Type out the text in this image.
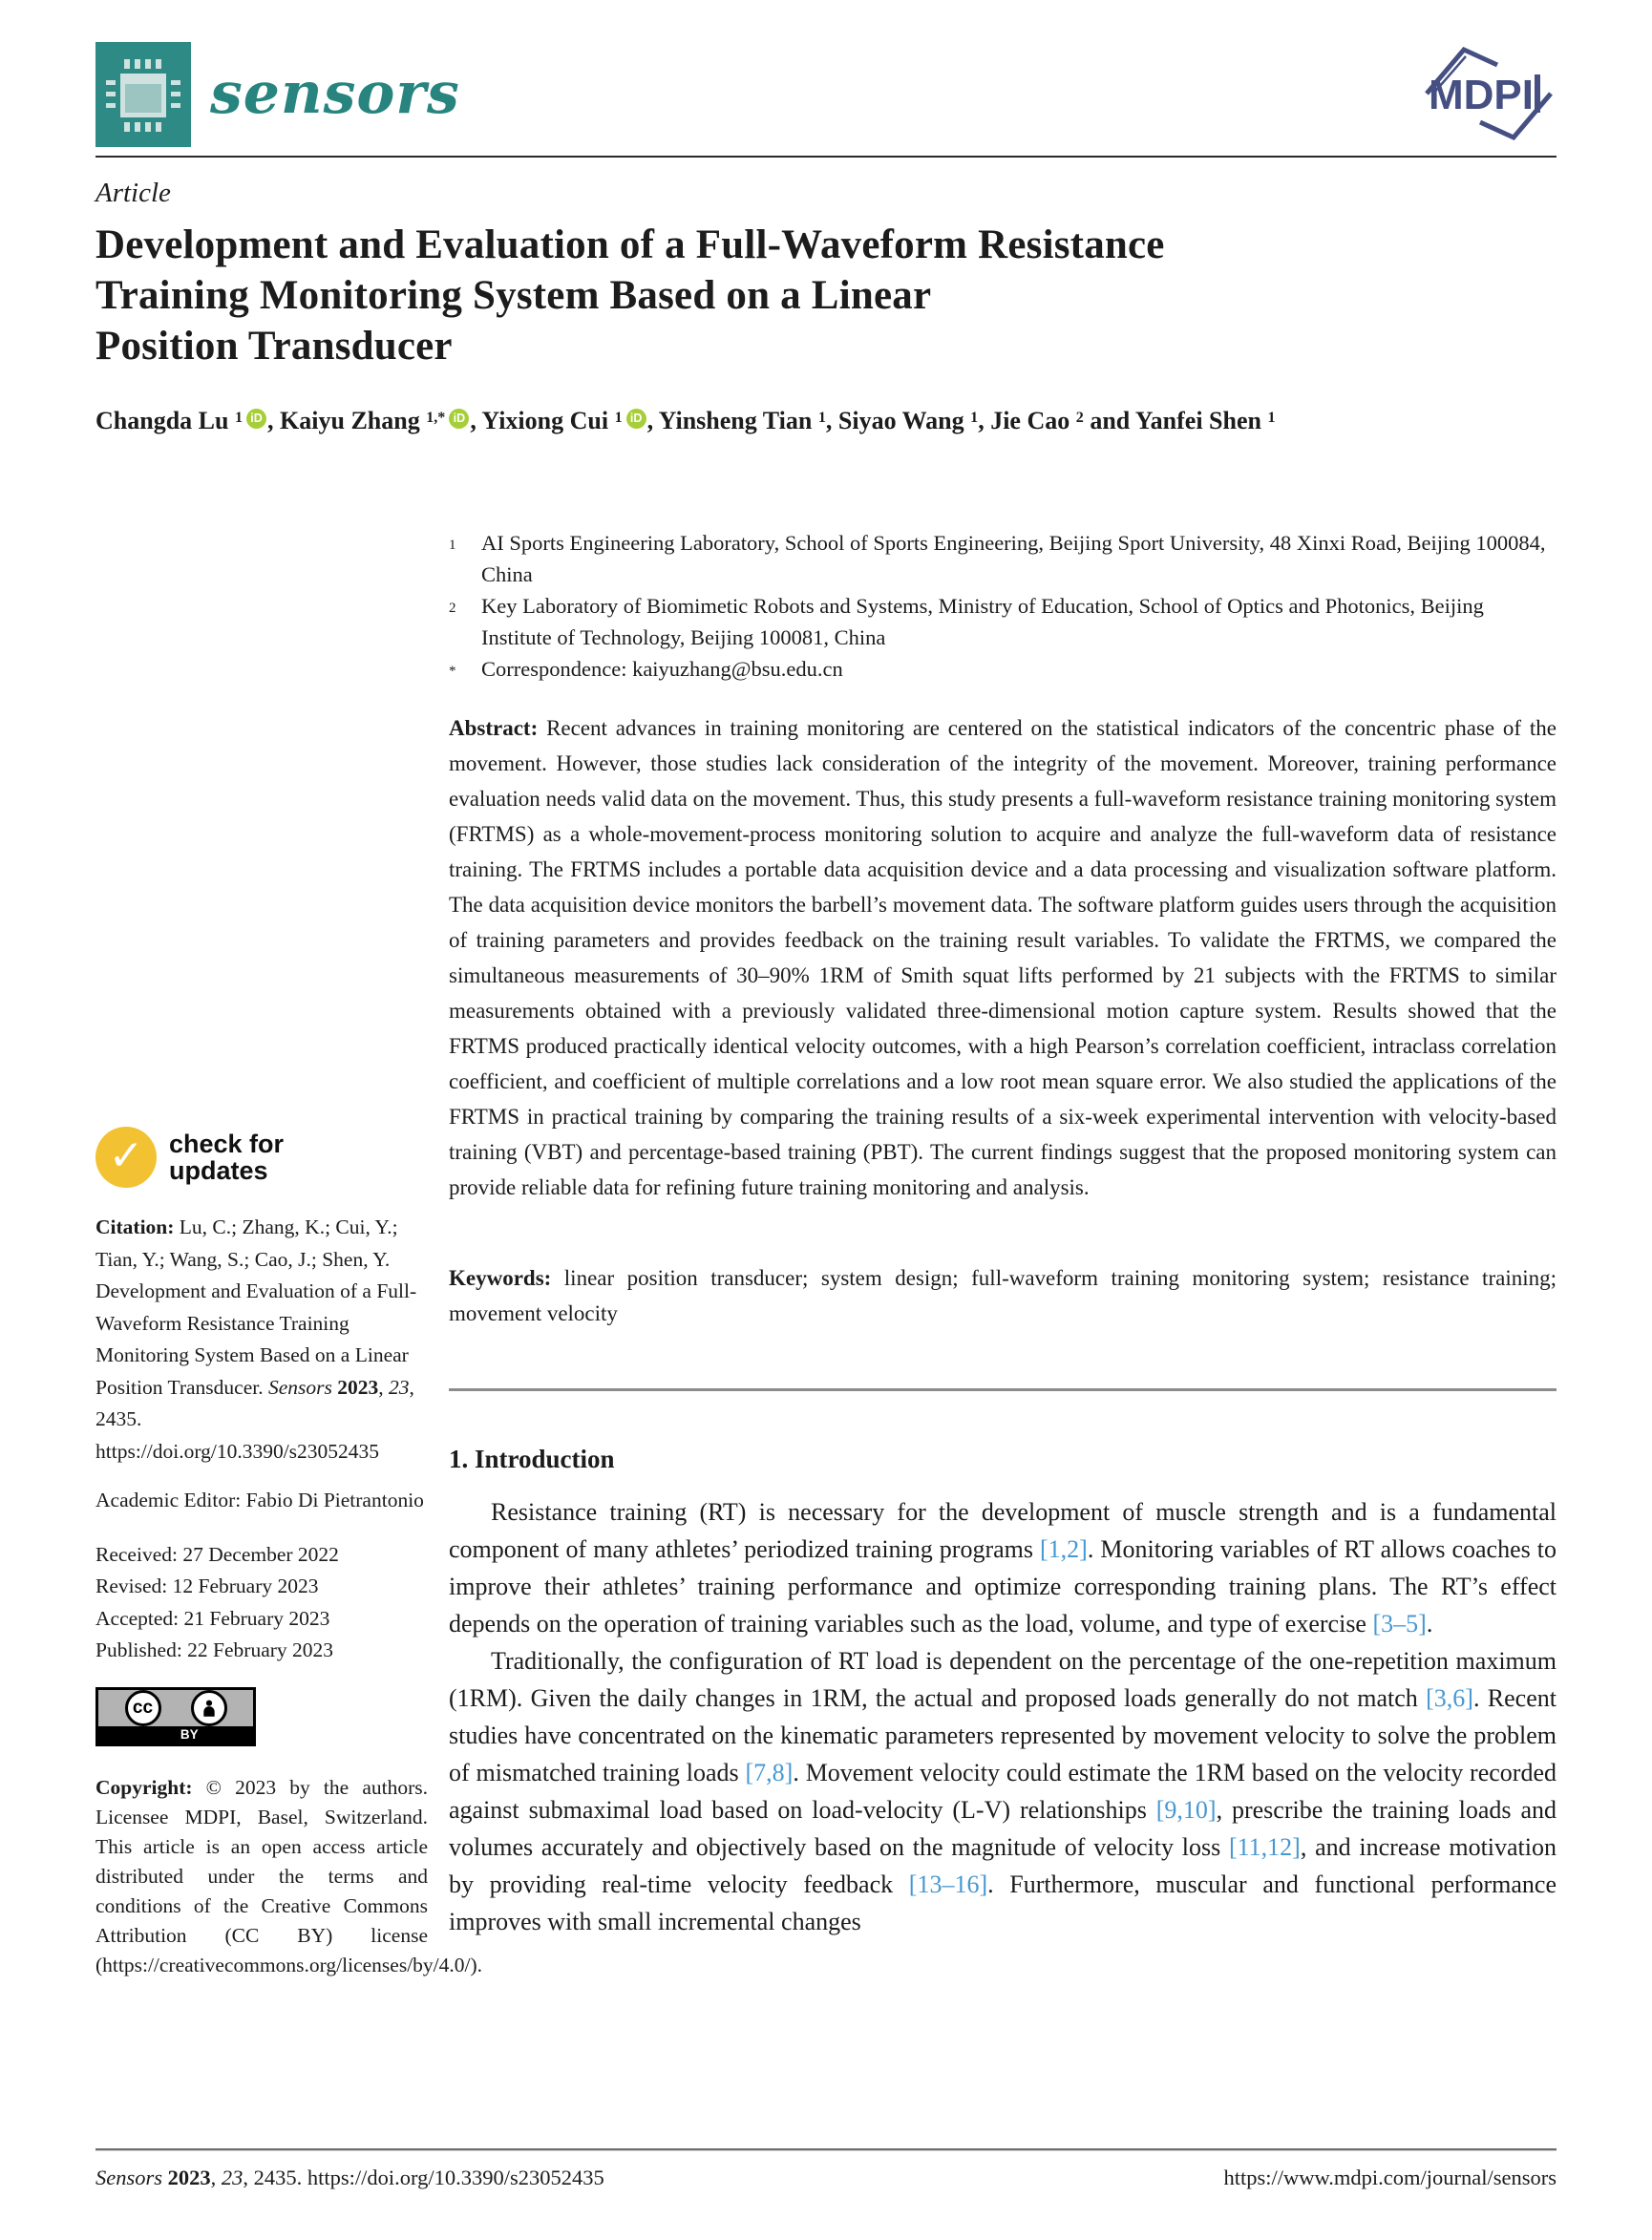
sensors	MDPI
Article
Development and Evaluation of a Full-Waveform Resistance
Training Monitoring System Based on a Linear
Position Transducer
Changda Lu $^1$ iD , Kaiyu Zhang $^{1,*}$ iD , Yixiong Cui $^1$ iD , Yinsheng Tian $^1$, Siyao Wang $^1$, Jie Cao $^2$ and Yanfei Shen $^1$
1	AI Sports Engineering Laboratory, School of Sports Engineering, Beijing Sport University, 48 Xinxi Road, Beijing 100084, China
2	Key Laboratory of Biomimetic Robots and Systems, Ministry of Education, School of Optics and Photonics, Beijing Institute of Technology, Beijing 100081, China
*	Correspondence: kaiyuzhang@bsu.edu.cn

Abstract: Recent advances in training monitoring are centered on the statistical indicators of the concentric phase of the movement. However, those studies lack consideration of the integrity of the movement. Moreover, training performance evaluation needs valid data on the movement. Thus, this study presents a full-waveform resistance training monitoring system (FRTMS) as a whole-movement-process monitoring solution to acquire and analyze the full-waveform data of resistance training. The FRTMS includes a portable data acquisition device and a data processing and visualization software platform. The data acquisition device monitors the barbell’s movement data. The software platform guides users through the acquisition of training parameters and provides feedback on the training result variables. To validate the FRTMS, we compared the simultaneous measurements of 30–90% 1RM of Smith squat lifts performed by 21 subjects with the FRTMS to similar measurements obtained with a previously validated three-dimensional motion capture system. Results showed that the FRTMS produced practically identical velocity outcomes, with a high Pearson’s correlation coefficient, intraclass correlation coefficient, and coefficient of multiple correlations and a low root mean square error. We also studied the applications of the FRTMS in practical training by comparing the training results of a six-week experimental intervention with velocity-based training (VBT) and percentage-based training (PBT). The current findings suggest that the proposed monitoring system can provide reliable data for refining future training monitoring and analysis.

Keywords: linear position transducer; system design; full-waveform training monitoring system; resistance training; movement velocity

1. Introduction

Resistance training (RT) is necessary for the development of muscle strength and is a fundamental component of many athletes’ periodized training programs [1,2]. Monitoring variables of RT allows coaches to improve their athletes’ training performance and optimize corresponding training plans. The RT’s effect depends on the operation of training variables such as the load, volume, and type of exercise [3–5].

Traditionally, the configuration of RT load is dependent on the percentage of the one-repetition maximum (1RM). Given the daily changes in 1RM, the actual and proposed loads generally do not match [3,6]. Recent studies have concentrated on the kinematic parameters represented by movement velocity to solve the problem of mismatched training loads [7,8]. Movement velocity could estimate the 1RM based on the velocity recorded against submaximal load based on load-velocity (L-V) relationships [9,10], prescribe the training loads and volumes accurately and objectively based on the magnitude of velocity loss [11,12], and increase motivation by providing real-time velocity feedback [13–16]. Furthermore, muscular and functional performance improves with small incremental changes

✓ check for
updates

Citation: Lu, C.; Zhang, K.; Cui, Y.; Tian, Y.; Wang, S.; Cao, J.; Shen, Y. Development and Evaluation of a Full-Waveform Resistance Training Monitoring System Based on a Linear Position Transducer. Sensors 2023, 23, 2435. https://doi.org/10.3390/s23052435

Academic Editor: Fabio Di Pietrantonio

Received: 27 December 2022

Revised: 12 February 2023

Accepted: 21 February 2023

Published: 22 February 2023

cc
BY

Copyright: © 2023 by the authors. Licensee MDPI, Basel, Switzerland. This article is an open access article distributed under the terms and conditions of the Creative Commons Attribution (CC BY) license (https://creativecommons.org/licenses/by/4.0/).

Sensors 2023, 23, 2435. https://doi.org/10.3390/s23052435	https://www.mdpi.com/journal/sensors
